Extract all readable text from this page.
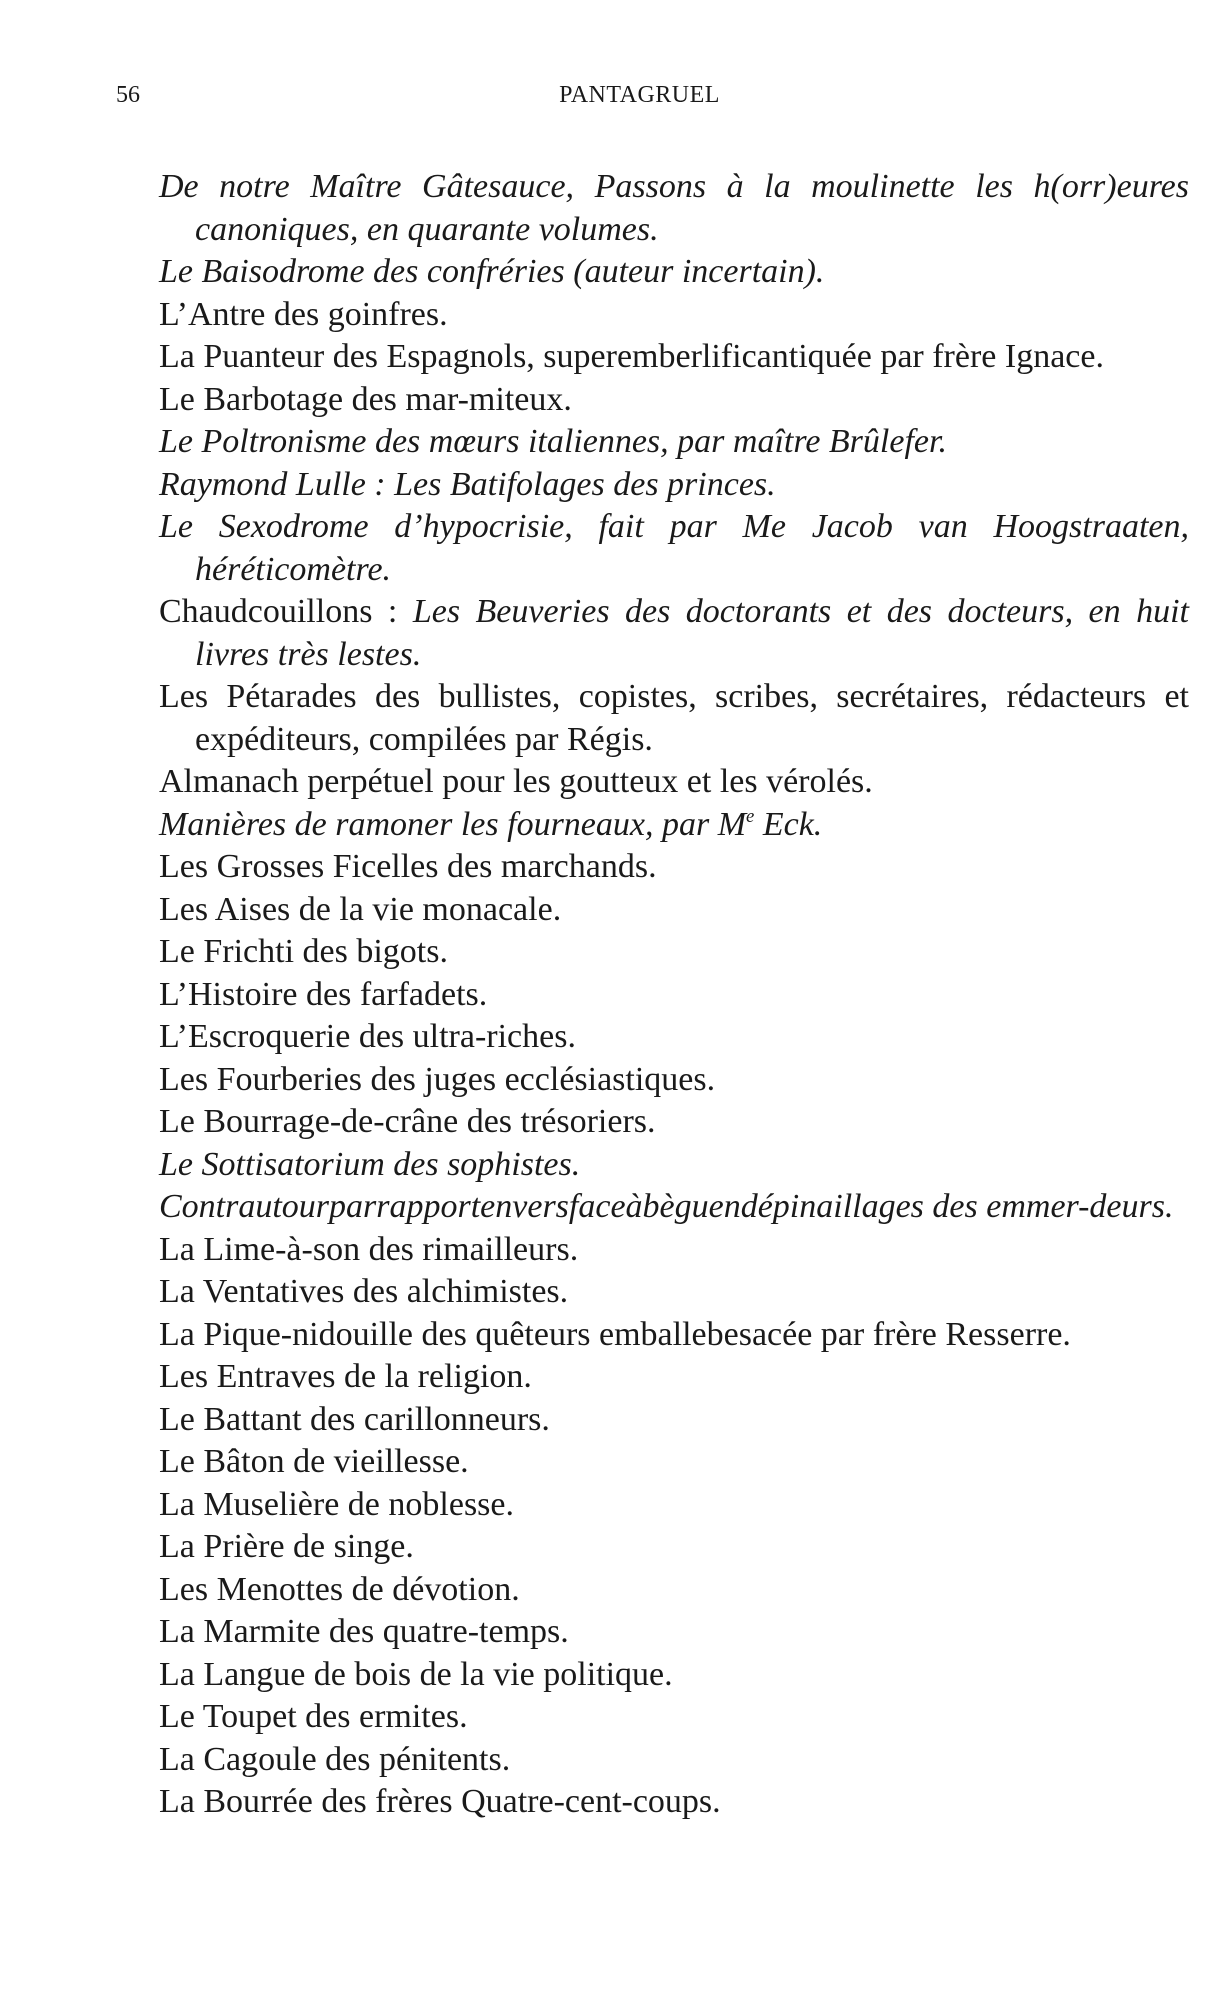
56	PANTAGRUEL
De notre Maître Gâtesauce, Passons à la moulinette les h(orr)eures canoniques, en quarante volumes.
Le Baisodrome des confréries (auteur incertain).
L’Antre des goinfres.
La Puanteur des Espagnols, superemberlificantiquée par frère Ignace.
Le Barbotage des mar-miteux.
Le Poltronisme des mœurs italiennes, par maître Brûlefer.
Raymond Lulle : Les Batifolages des princes.
Le Sexodrome d’hypocrisie, fait par Me Jacob van Hoogstraaten, héréticomètre.
Chaudcouillons : Les Beuveries des doctorants et des docteurs, en huit livres très lestes.
Les Pétarades des bullistes, copistes, scribes, secrétaires, rédacteurs et expéditeurs, compilées par Régis.
Almanach perpétuel pour les goutteux et les vérolés.
Manières de ramoner les fourneaux, par Me Eck.
Les Grosses Ficelles des marchands.
Les Aises de la vie monacale.
Le Frichti des bigots.
L’Histoire des farfadets.
L’Escroquerie des ultra-riches.
Les Fourberies des juges ecclésiastiques.
Le Bourrage-de-crâne des trésoriers.
Le Sottisatorium des sophistes.
Contrautourparrapportenversfaceàbèguendépinaillages des emmer-deurs.
La Lime-à-son des rimailleurs.
La Ventatives des alchimistes.
La Pique-nidouille des quêteurs emballebesacée par frère Resserre.
Les Entraves de la religion.
Le Battant des carillonneurs.
Le Bâton de vieillesse.
La Muselière de noblesse.
La Prière de singe.
Les Menottes de dévotion.
La Marmite des quatre-temps.
La Langue de bois de la vie politique.
Le Toupet des ermites.
La Cagoule des pénitents.
La Bourrée des frères Quatre-cent-coups.
